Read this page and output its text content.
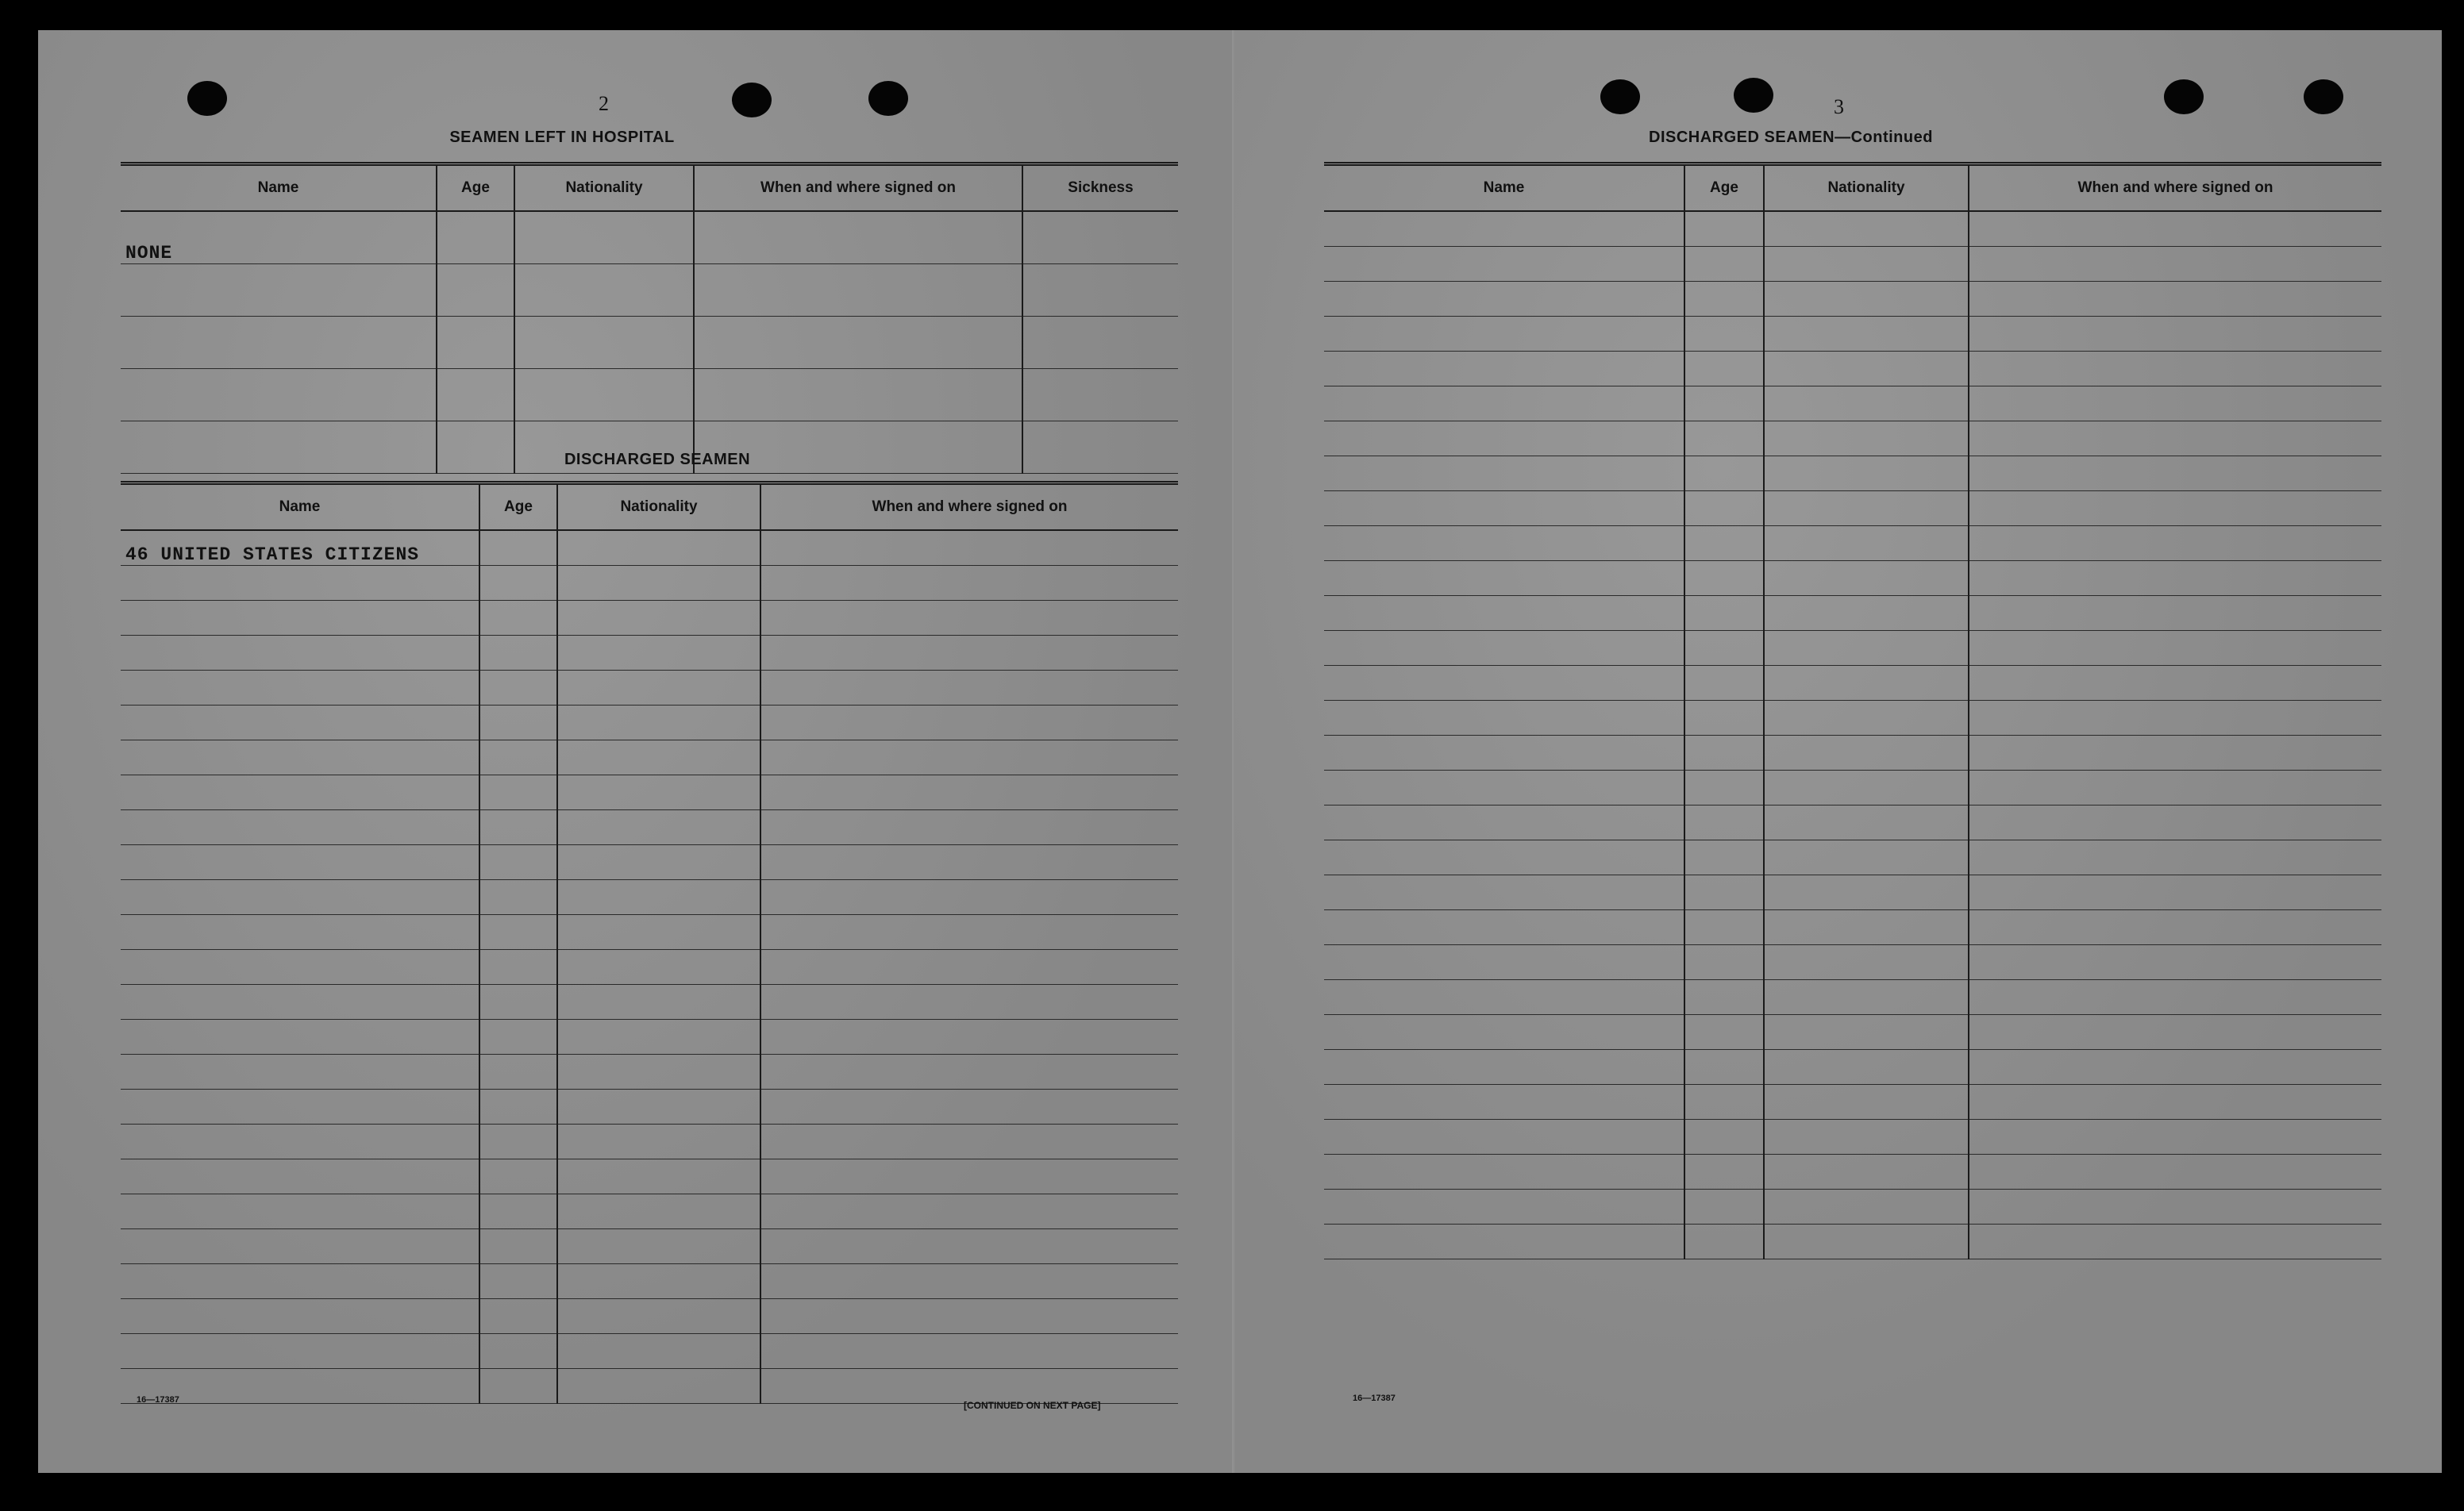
2
SEAMEN LEFT IN HOSPITAL
Name	Age	Nationality	When and where signed on	Sickness
NONE				

DISCHARGED SEAMEN
Name	Age	Nationality	When and where signed on
46 UNITED STATES CITIZENS			

16—17387	[CONTINUED ON NEXT PAGE]
3
DISCHARGED SEAMEN—Continued
Name	Age	Nationality	When and where signed on

16—17387
